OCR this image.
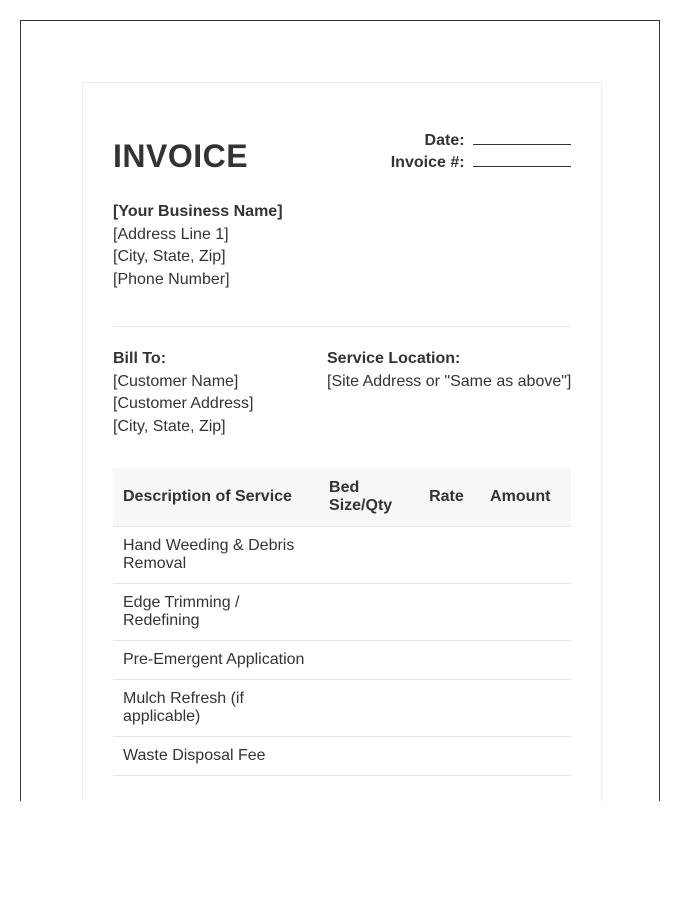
INVOICE	Date:
Invoice #:
[Your Business Name]
[Address Line 1]
[City, State, Zip]
[Phone Number]
Bill To:
[Customer Name]
[Customer Address]
[City, State, Zip]
Service Location:
[Site Address or "Same as above"]
Description of Service	Bed Size/Qty	Rate	Amount
Hand Weeding & Debris Removal			
Edge Trimming / Redefining			
Pre-Emergent Application			
Mulch Refresh (if applicable)			
Waste Disposal Fee			
